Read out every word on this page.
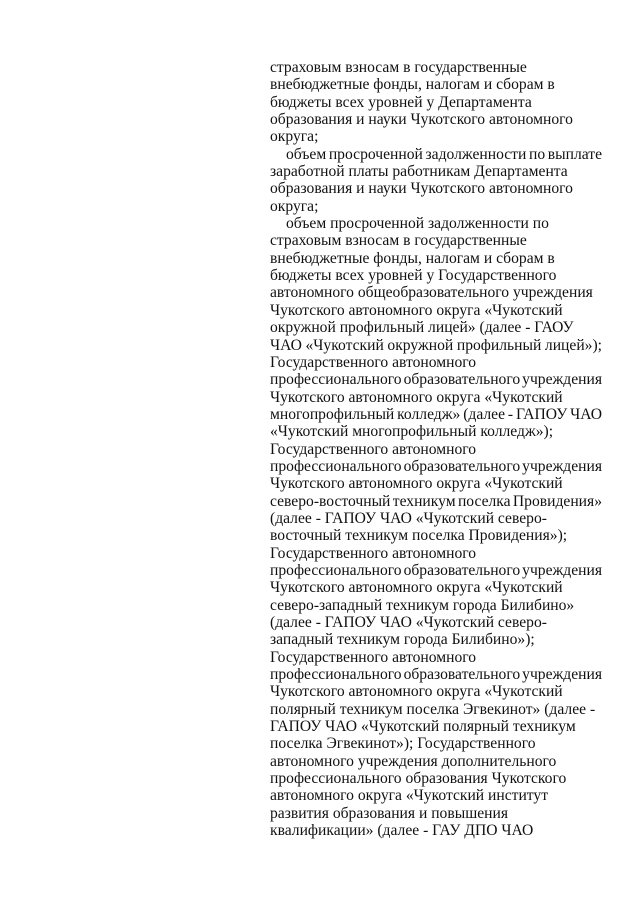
страховым взносам в государственные
внебюджетные фонды, налогам и сборам в
бюджеты всех уровней у Департамента
образования и науки Чукотского автономного
округа;
объем просроченной задолженности по выплате
заработной платы работникам Департамента
образования и науки Чукотского автономного
округа;
объем просроченной задолженности по
страховым взносам в государственные
внебюджетные фонды, налогам и сборам в
бюджеты всех уровней у Государственного
автономного общеобразовательного учреждения
Чукотского автономного округа «Чукотский
окружной профильный лицей» (далее - ГАОУ
ЧАО «Чукотский окружной профильный лицей»);
Государственного автономного
профессионального образовательного учреждения
Чукотского автономного округа «Чукотский
многопрофильный колледж» (далее - ГАПОУ ЧАО
«Чукотский многопрофильный колледж»);
Государственного автономного
профессионального образовательного учреждения
Чукотского автономного округа «Чукотский
северо-восточный техникум поселка Провидения»
(далее - ГАПОУ ЧАО «Чукотский северо-
восточный техникум поселка Провидения»);
Государственного автономного
профессионального образовательного учреждения
Чукотского автономного округа «Чукотский
северо-западный техникум города Билибино»
(далее - ГАПОУ ЧАО «Чукотский северо-
западный техникум города Билибино»);
Государственного автономного
профессионального образовательного учреждения
Чукотского автономного округа «Чукотский
полярный техникум поселка Эгвекинот» (далее -
ГАПОУ ЧАО «Чукотский полярный техникум
поселка Эгвекинот»); Государственного
автономного учреждения дополнительного
профессионального образования Чукотского
автономного округа «Чукотский институт
развития образования и повышения
квалификации» (далее - ГАУ ДПО ЧАО
